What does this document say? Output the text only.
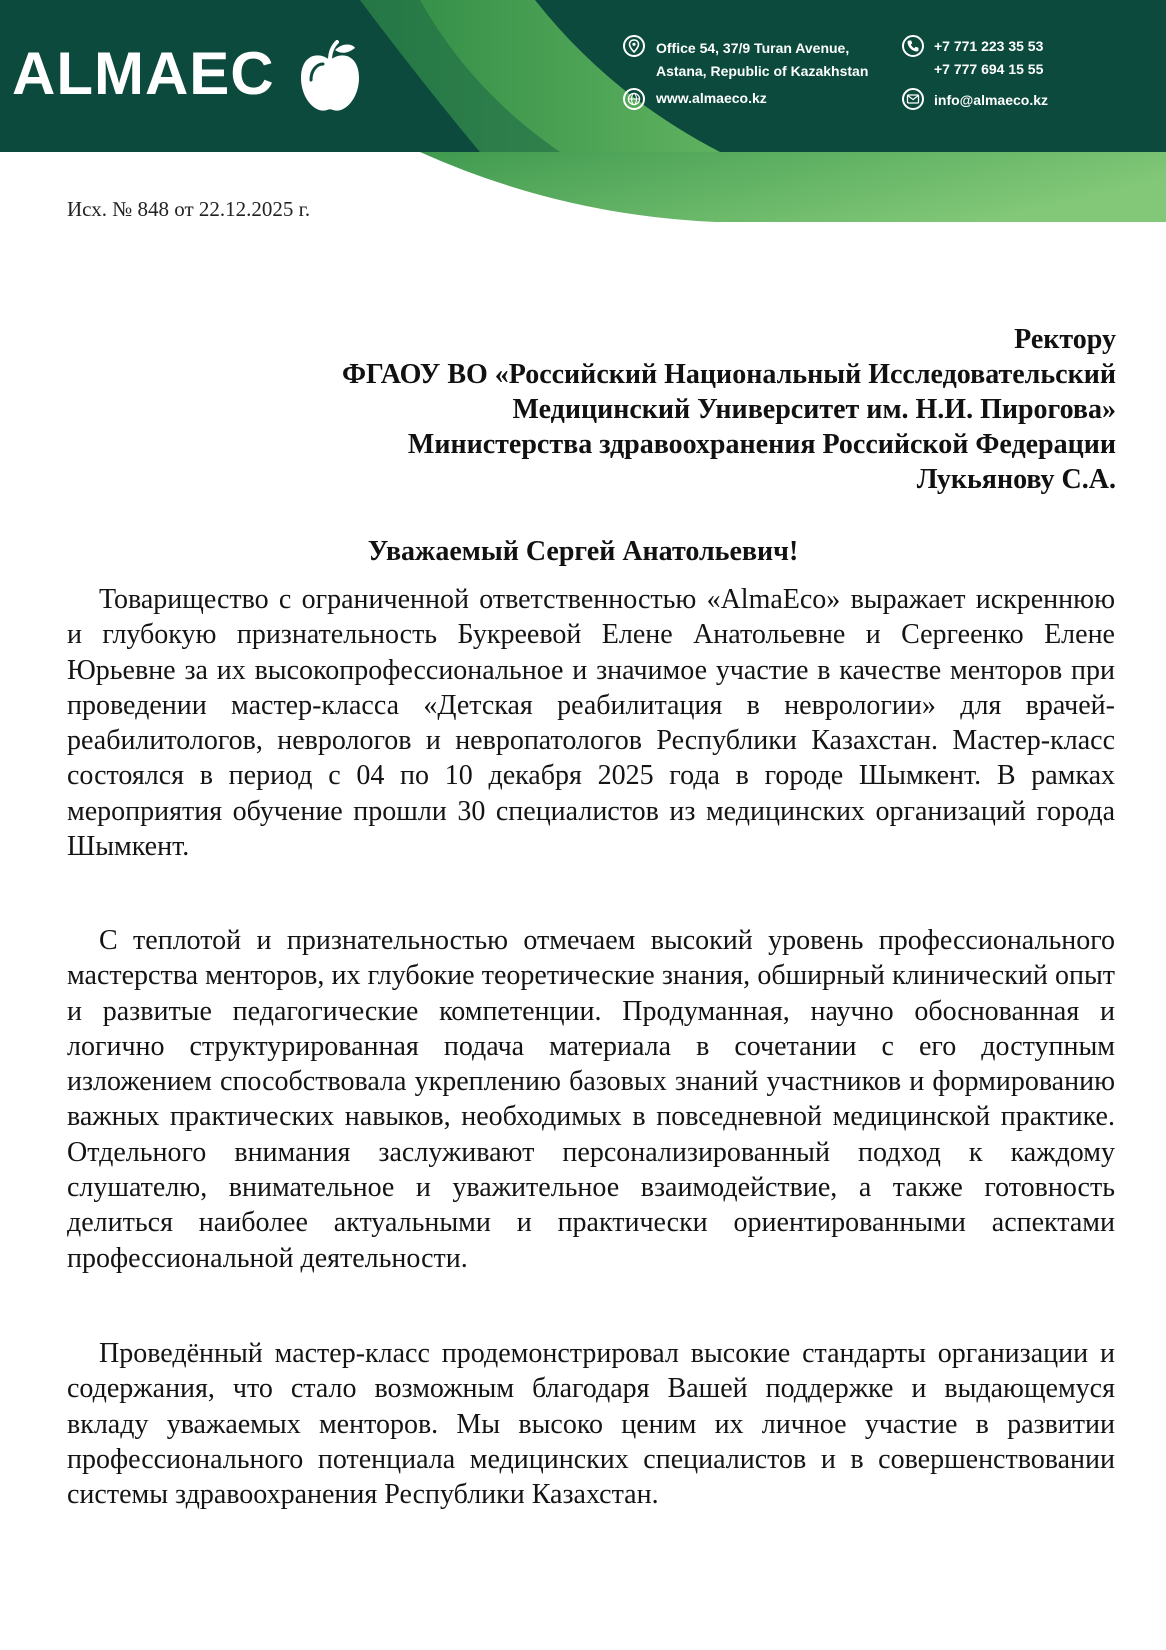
ALMAEC	Office 54, 37/9 Turan Avenue,
Astana, Republic of Kazakhstan
www.almaeco.kz
+7 771 223 35 53
+7 777 694 15 55
info@almaeco.kz
Исх. № 848 от 22.12.2025 г.
Ректору
ФГАОУ ВО «Российский Национальный Исследовательский
Медицинский Университет им. Н.И. Пирогова»
Министерства здравоохранения Российской Федерации
Лукьянову С.А.
Уважаемый Сергей Анатольевич!
Товарищество с ограниченной ответственностью «AlmaEco» выражает искреннюю и глубокую признательность Букреевой Елене Анатольевне и Сергеенко Елене Юрьевне за их высокопрофессиональное и значимое участие в качестве менторов при проведении мастер-класса «Детская реабилитация в неврологии» для врачей-реабилитологов, неврологов и невропатологов Республики Казахстан. Мастер-класс состоялся в период с 04 по 10 декабря 2025 года в городе Шымкент. В рамках мероприятия обучение прошли 30 специалистов из медицинских организаций города Шымкент.
С теплотой и признательностью отмечаем высокий уровень профессионального мастерства менторов, их глубокие теоретические знания, обширный клинический опыт и развитые педагогические компетенции. Продуманная, научно обоснованная и логично структурированная подача материала в сочетании с его доступным изложением способствовала укреплению базовых знаний участников и формированию важных практических навыков, необходимых в повседневной медицинской практике. Отдельного внимания заслуживают персонализированный подход к каждому слушателю, внимательное и уважительное взаимодействие, а также готовность делиться наиболее актуальными и практически ориентированными аспектами профессиональной деятельности.
Проведённый мастер-класс продемонстрировал высокие стандарты организации и содержания, что стало возможным благодаря Вашей поддержке и выдающемуся вкладу уважаемых менторов. Мы высоко ценим их личное участие в развитии профессионального потенциала медицинских специалистов и в совершенствовании системы здравоохранения Республики Казахстан.
